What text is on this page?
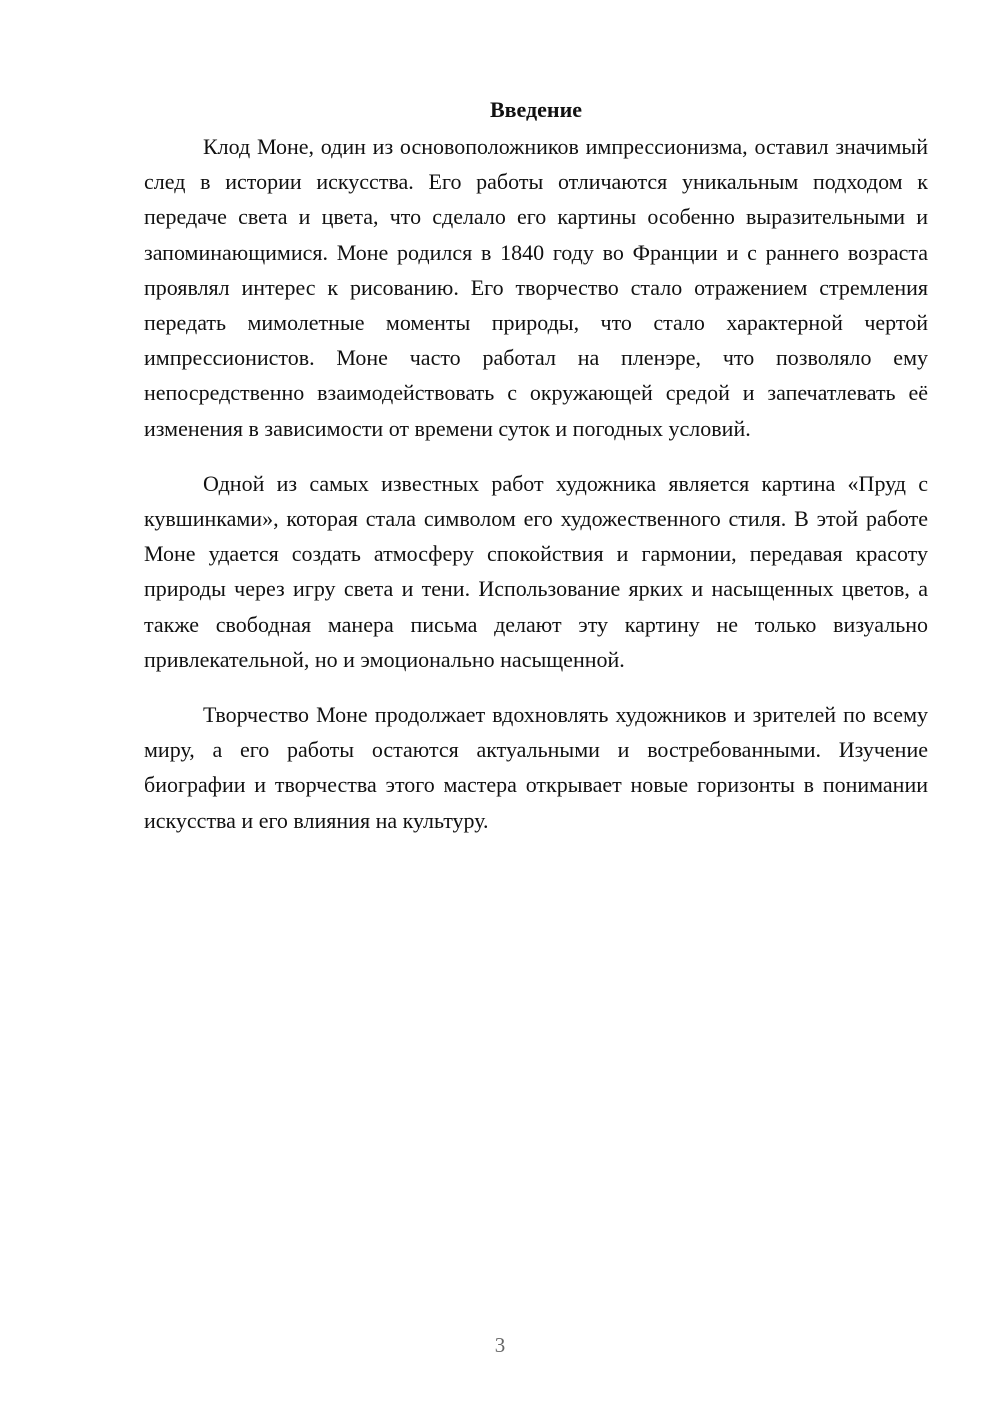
Введение

Клод Моне, один из основоположников импрессионизма, оставил значимый след в истории искусства. Его работы отличаются уникальным подходом к передаче света и цвета, что сделало его картины особенно выразительными и запоминающимися. Моне родился в 1840 году во Франции и с раннего возраста проявлял интерес к рисованию. Его творчество стало отражением стремления передать мимолетные моменты природы, что стало характерной чертой импрессионистов. Моне часто работал на пленэре, что позволяло ему непосредственно взаимодействовать с окружающей средой и запечатлевать её изменения в зависимости от времени суток и погодных условий.

Одной из самых известных работ художника является картина «Пруд с кувшинками», которая стала символом его художественного стиля. В этой работе Моне удается создать атмосферу спокойствия и гармонии, передавая красоту природы через игру света и тени. Использование ярких и насыщенных цветов, а также свободная манера письма делают эту картину не только визуально привлекательной, но и эмоционально насыщенной.

Творчество Моне продолжает вдохновлять художников и зрителей по всему миру, а его работы остаются актуальными и востребованными. Изучение биографии и творчества этого мастера открывает новые горизонты в понимании искусства и его влияния на культуру.

3
